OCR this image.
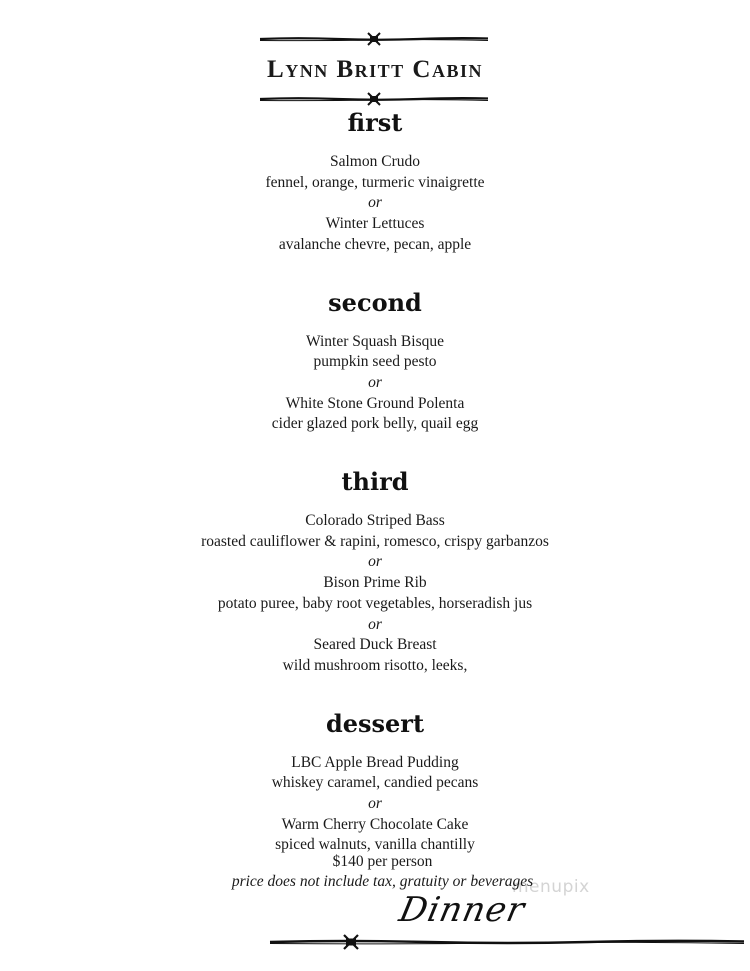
Lynn Britt Cabin
first
Salmon Crudo
fennel, orange, turmeric vinaigrette
or
Winter Lettuces
avalanche chevre, pecan, apple
second
Winter Squash Bisque
pumpkin seed pesto
or
White Stone Ground Polenta
cider glazed pork belly, quail egg
third
Colorado Striped Bass
roasted cauliflower & rapini, romesco, crispy garbanzos
or
Bison Prime Rib
potato puree, baby root vegetables, horseradish jus
or
Seared Duck Breast
wild mushroom risotto, leeks,
dessert
LBC Apple Bread Pudding
whiskey caramel, candied pecans
or
Warm Cherry Chocolate Cake
spiced walnuts, vanilla chantilly
menupix
$140 per person
price does not include tax, gratuity or beverages
Dinner
